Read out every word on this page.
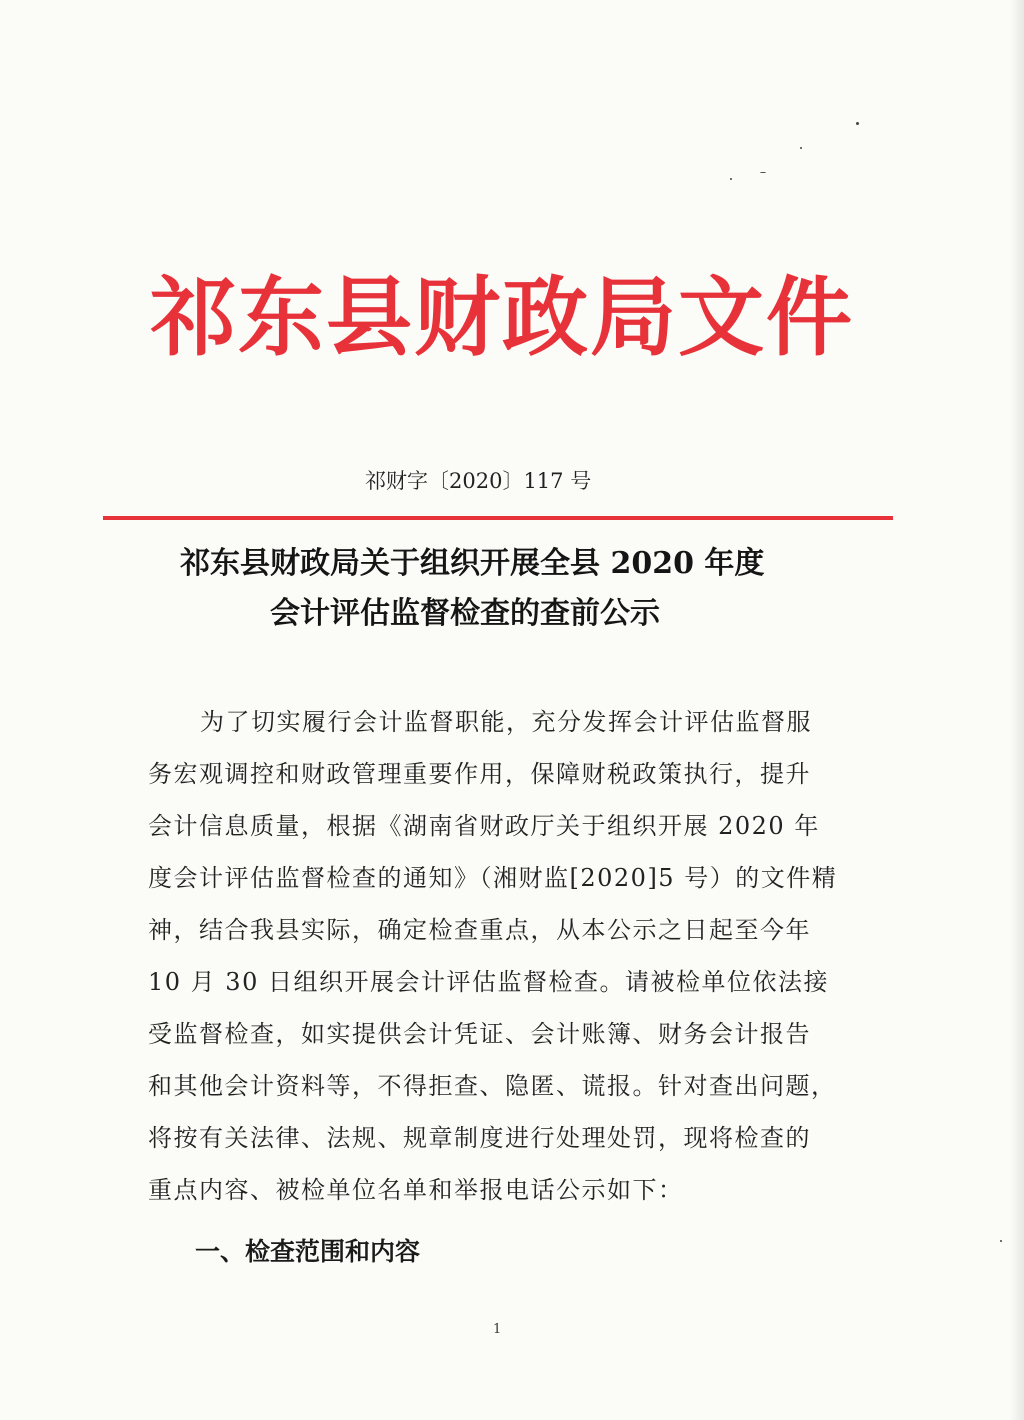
祁东县财政局文件
祁财字〔2020〕117 号
祁东县财政局关于组织开展全县 2020 年度
会计评估监督检查的查前公示
为了切实履行会计监督职能，充分发挥会计评估监督服
务宏观调控和财政管理重要作用，保障财税政策执行，提升
会计信息质量，根据《湖南省财政厅关于组织开展 2020 年
度会计评估监督检查的通知》（湘财监[2020]5 号）的文件精
神，结合我县实际，确定检查重点，从本公示之日起至今年
10 月 30 日组织开展会计评估监督检查。请被检单位依法接
受监督检查，如实提供会计凭证、会计账簿、财务会计报告
和其他会计资料等，不得拒查、隐匿、谎报。针对查出问题，
将按有关法律、法规、规章制度进行处理处罚，现将检查的
重点内容、被检单位名单和举报电话公示如下：
一、检查范围和内容
1
